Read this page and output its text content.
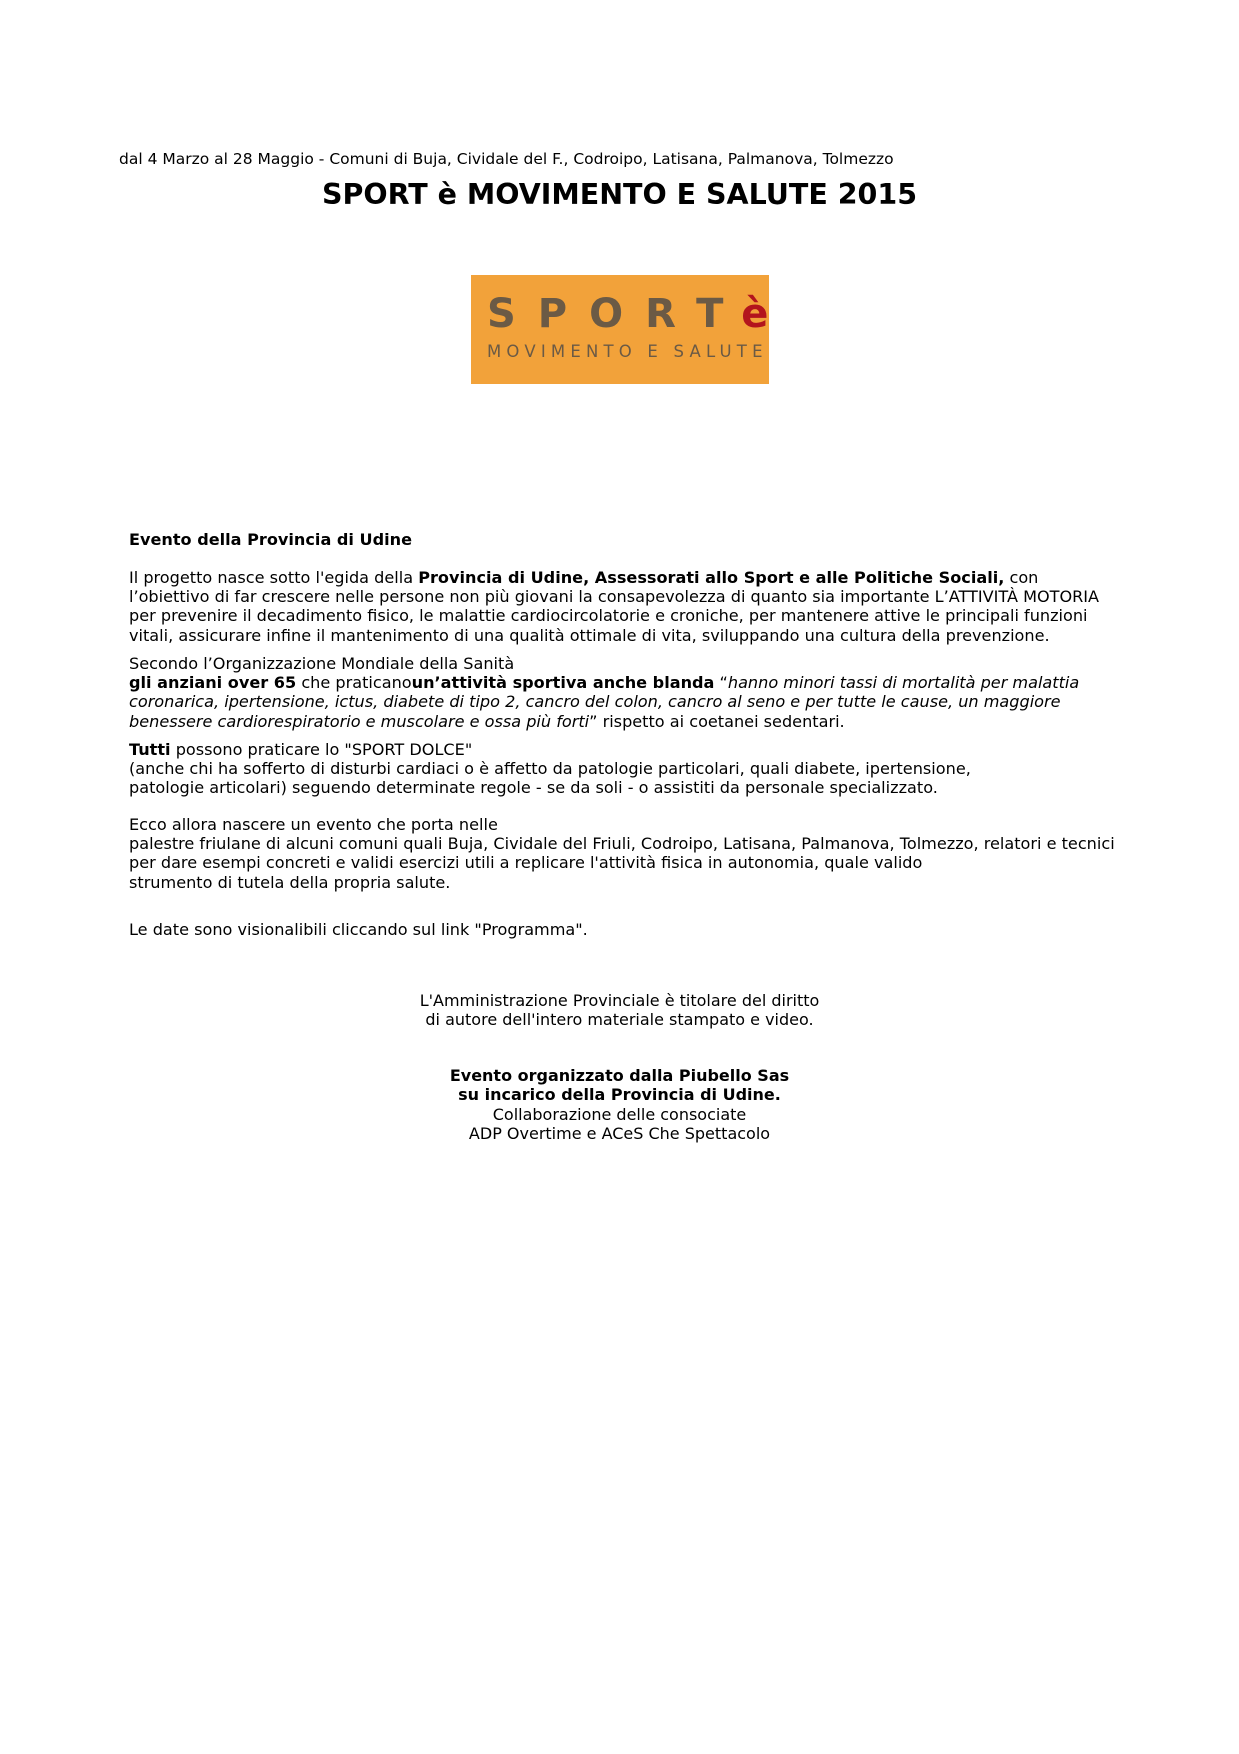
dal 4 Marzo al 28 Maggio - Comuni di Buja, Cividale del F., Codroipo, Latisana, Palmanova, Tolmezzo
SPORT è MOVIMENTO E SALUTE 2015
SPORTè
MOVIMENTO E SALUTE

Evento della Provincia di Udine

Il progetto nasce sotto l'egida della Provincia di Udine, Assessorati allo Sport e alle Politiche Sociali, con l’obiettivo di far crescere nelle persone non più giovani la consapevolezza di quanto sia importante L’ATTIVITÀ MOTORIA per prevenire il decadimento fisico, le malattie cardiocircolatorie e croniche, per mantenere attive le principali funzioni vitali, assicurare infine il mantenimento di una qualità ottimale di vita, sviluppando una cultura della prevenzione.

Secondo l’Organizzazione Mondiale della Sanità

gli anziani over 65 che praticanoun’attività sportiva anche blanda “hanno minori tassi di mortalità per malattia coronarica, ipertensione, ictus, diabete di tipo 2, cancro del colon, cancro al seno e per tutte le cause, un maggiore benessere cardiorespiratorio e muscolare e ossa più forti” rispetto ai coetanei sedentari.

Tutti possono praticare lo "SPORT DOLCE"

(anche chi ha sofferto di disturbi cardiaci o è affetto da patologie particolari, quali diabete, ipertensione,

patologie articolari) seguendo determinate regole - se da soli - o assistiti da personale specializzato.

Ecco allora nascere un evento che porta nelle

palestre friulane di alcuni comuni quali Buja, Cividale del Friuli, Codroipo, Latisana, Palmanova, Tolmezzo, relatori e tecnici

per dare esempi concreti e validi esercizi utili a replicare l'attività fisica in autonomia, quale valido

strumento di tutela della propria salute.

Le date sono visionalibili cliccando sul link "Programma".

L'Amministrazione Provinciale è titolare del diritto
di autore dell'intero materiale stampato e video.
Evento organizzato dalla Piubello Sas
su incarico della Provincia di Udine.
Collaborazione delle consociate
ADP Overtime e ACeS Che Spettacolo
